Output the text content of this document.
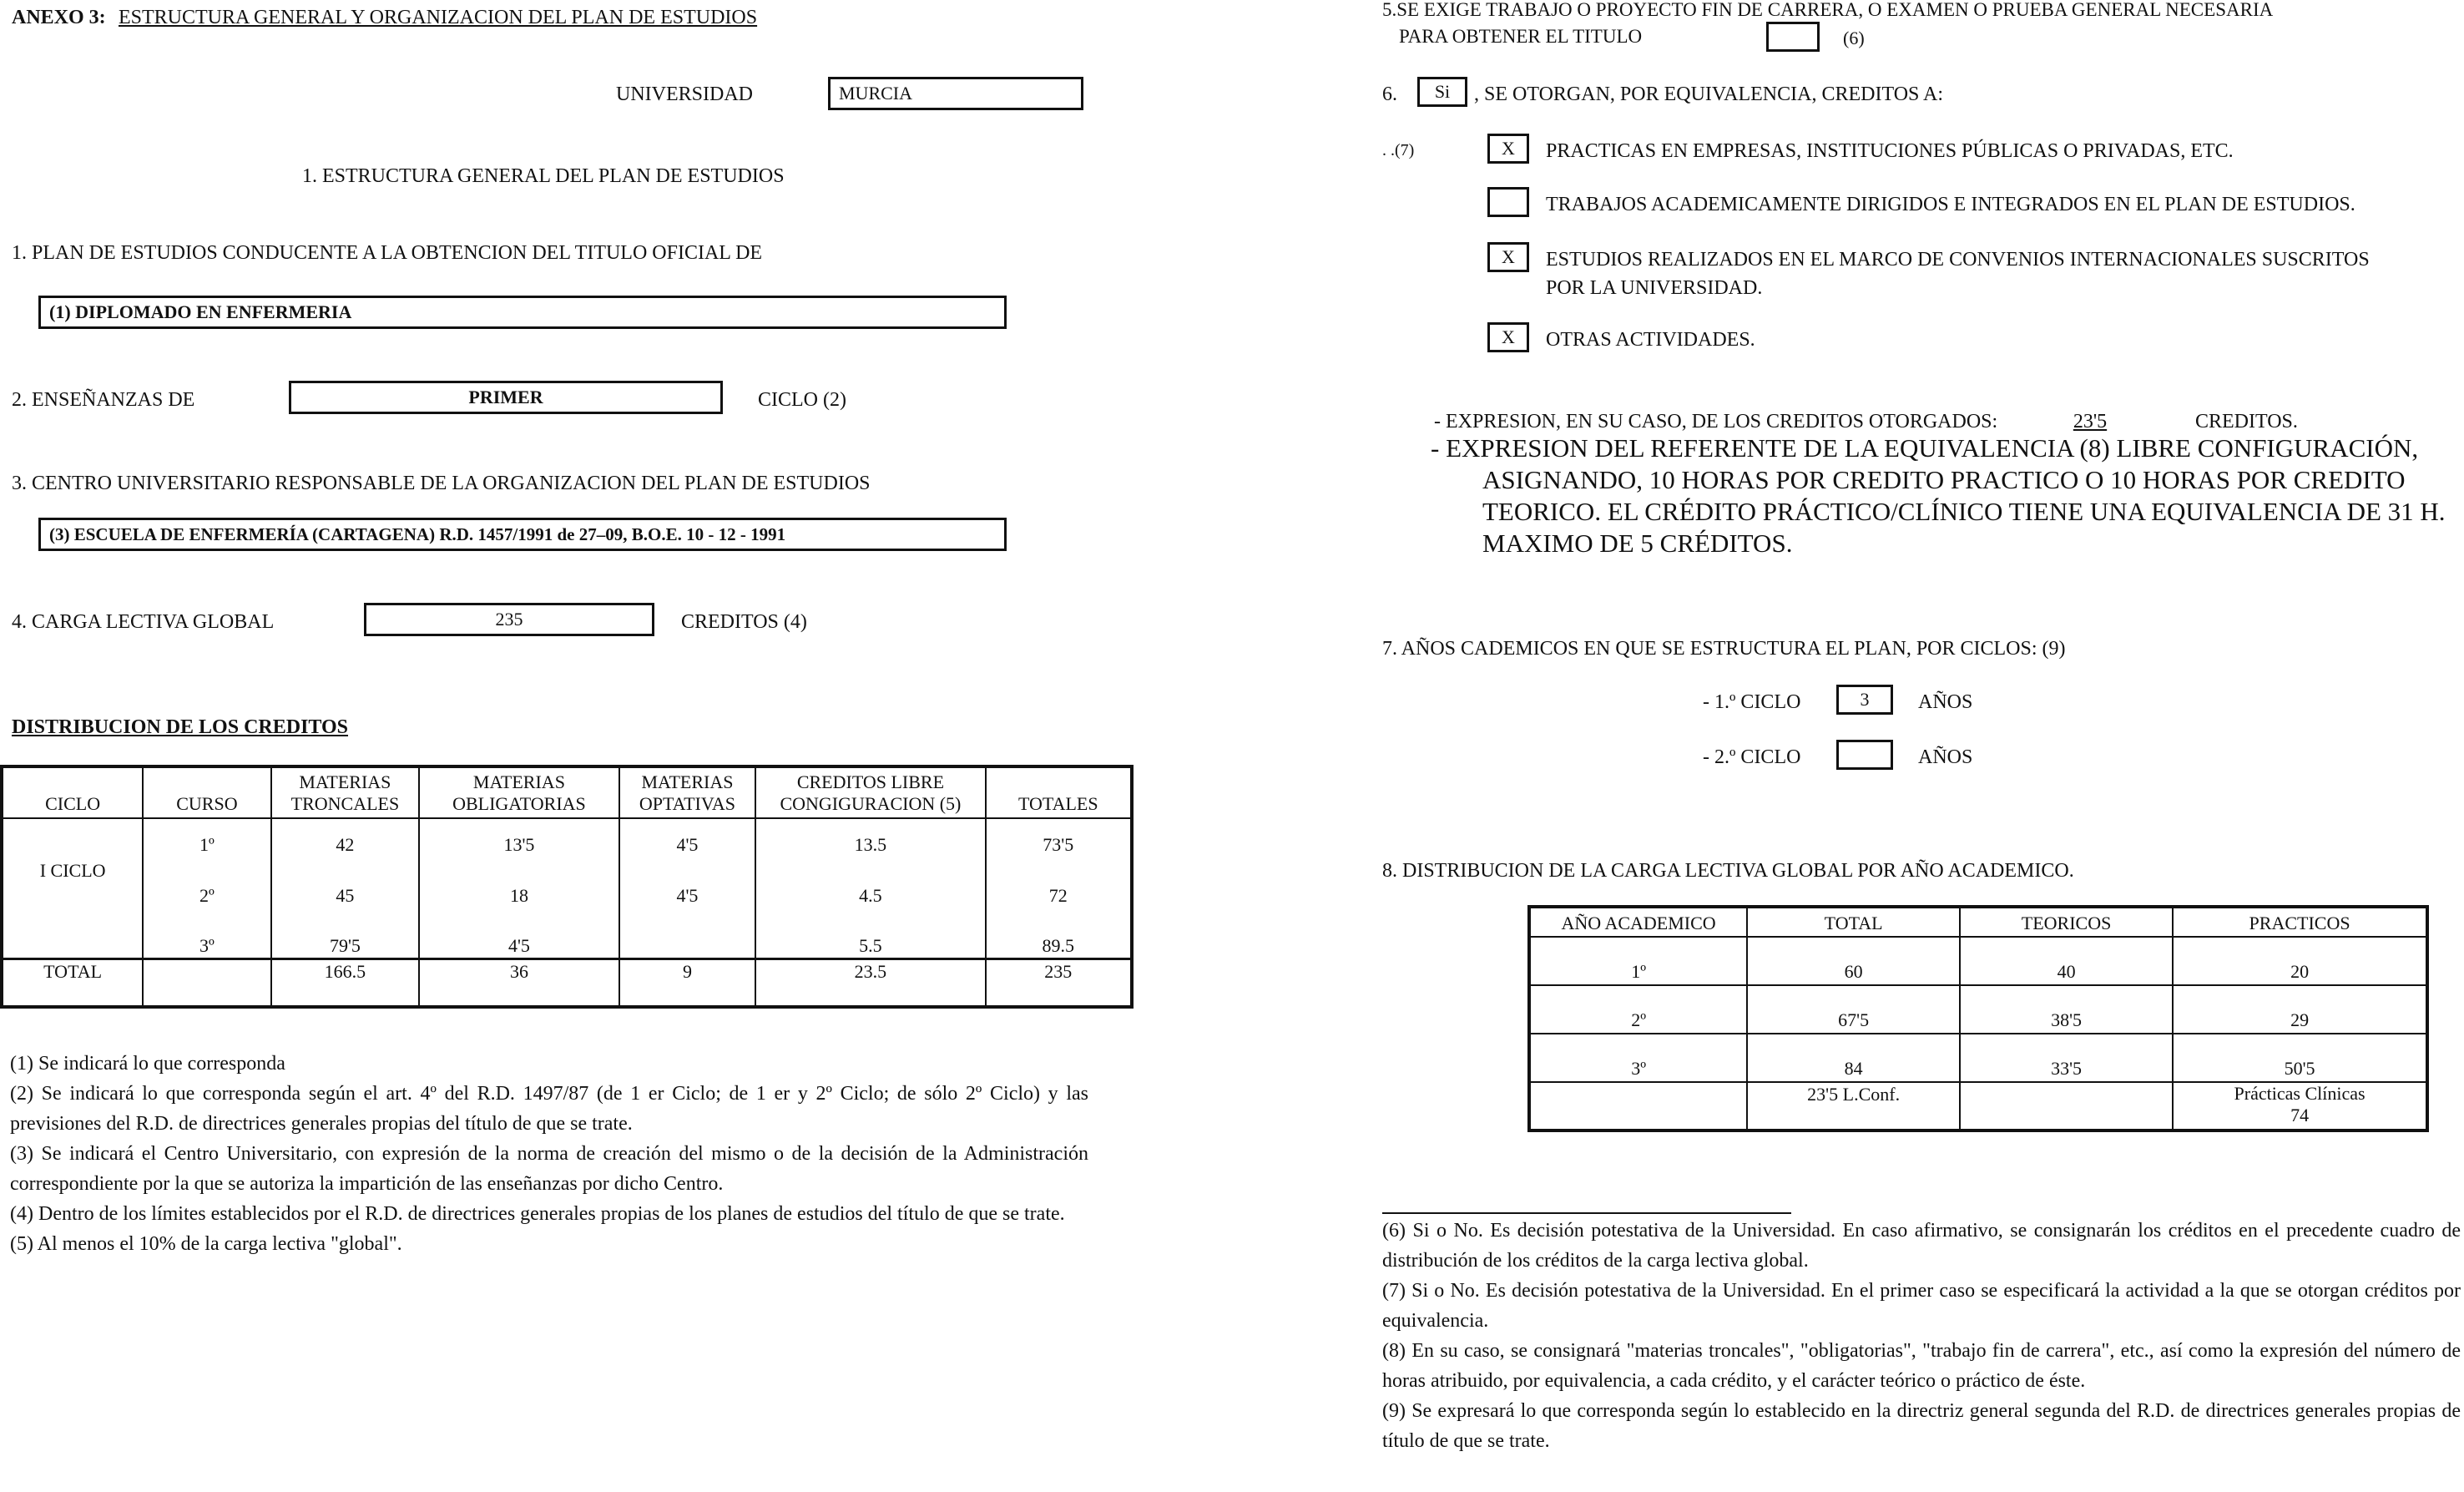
ANEXO 3: ESTRUCTURA GENERAL Y ORGANIZACION DEL PLAN DE ESTUDIOS
UNIVERSIDAD	MURCIA
1. ESTRUCTURA GENERAL DEL PLAN DE ESTUDIOS
1. PLAN DE ESTUDIOS CONDUCENTE A LA OBTENCION DEL TITULO OFICIAL DE
(1) DIPLOMADO EN ENFERMERIA
2. ENSEÑANZAS DE	PRIMER	CICLO (2)
3. CENTRO UNIVERSITARIO RESPONSABLE DE LA ORGANIZACION DEL PLAN DE ESTUDIOS
(3) ESCUELA DE ENFERMERÍA (CARTAGENA) R.D. 1457/1991 de 27–09, B.O.E. 10 - 12 - 1991
4. CARGA LECTIVA GLOBAL	235	CREDITOS (4)
DISTRIBUCION DE LOS CREDITOS
CICLO	CURSO	MATERIAS TRONCALES	MATERIAS OBLIGATORIAS	MATERIAS OPTATIVAS	CREDITOS LIBRE CONGIGURACION (5)	TOTALES
I CICLO	1º	42	13'5	4'5	13.5	73'5
	2º	45	18	4'5	4.5	72
	3º	79'5	4'5		5.5	89.5
TOTAL		166.5	36	9	23.5	235
(1) Se indicará lo que corresponda
(2) Se indicará lo que corresponda según el art. 4º del R.D. 1497/87 (de 1 er Ciclo; de 1 er y 2º Ciclo; de sólo 2º Ciclo) y las previsiones del R.D. de directrices generales propias del título de que se trate.
(3) Se indicará el Centro Universitario, con expresión de la norma de creación del mismo o de la decisión de la Administración correspondiente por la que se autoriza la impartición de las enseñanzas por dicho Centro.
(4) Dentro de los límites establecidos por el R.D. de directrices generales propias de los planes de estudios del título de que se trate.
(5) Al menos el 10% de la carga lectiva "global".
5.SE EXIGE TRABAJO O PROYECTO FIN DE CARRERA, O EXAMEN O PRUEBA GENERAL NECESARIA
PARA OBTENER EL TITULO	(6)
6.	Si	, SE OTORGAN, POR EQUIVALENCIA, CREDITOS A:
. .(7)	X	PRACTICAS EN EMPRESAS, INSTITUCIONES PÚBLICAS O PRIVADAS, ETC.
TRABAJOS ACADEMICAMENTE DIRIGIDOS E INTEGRADOS EN EL PLAN DE ESTUDIOS.
X	ESTUDIOS REALIZADOS EN EL MARCO DE CONVENIOS INTERNACIONALES SUSCRITOS
POR LA UNIVERSIDAD.
X	OTRAS ACTIVIDADES.
- EXPRESION, EN SU CASO, DE LOS CREDITOS OTORGADOS:	23'5	CREDITOS.
- EXPRESION DEL REFERENTE DE LA EQUIVALENCIA (8) LIBRE CONFIGURACIÓN,
ASIGNANDO, 10 HORAS POR CREDITO PRACTICO O 10 HORAS POR CREDITO
TEORICO. EL CRÉDITO PRÁCTICO/CLÍNICO TIENE UNA EQUIVALENCIA DE 31 H.
MAXIMO DE 5 CRÉDITOS.
7. AÑOS CADEMICOS EN QUE SE ESTRUCTURA EL PLAN, POR CICLOS: (9)
- 1.º CICLO	3	AÑOS
- 2.º CICLO	AÑOS
8. DISTRIBUCION DE LA CARGA LECTIVA GLOBAL POR AÑO ACADEMICO.
AÑO ACADEMICO	TOTAL	TEORICOS	PRACTICOS
1º	60	40	20
2º	67'5	38'5	29
3º	84	33'5	50'5
	23'5 L.Conf.		Prácticas Clínicas
74
(6) Si o No. Es decisión potestativa de la Universidad. En caso afirmativo, se consignarán los créditos en el precedente cuadro de distribución de los créditos de la carga lectiva global.
(7) Si o No. Es decisión potestativa de la Universidad. En el primer caso se especificará la actividad a la que se otorgan créditos por equivalencia.
(8) En su caso, se consignará "materias troncales", "obligatorias", "trabajo fin de carrera", etc., así como la expresión del número de horas atribuido, por equivalencia, a cada crédito, y el carácter teórico o práctico de éste.
(9) Se expresará lo que corresponda según lo establecido en la directriz general segunda del R.D. de directrices generales propias de título de que se trate.
